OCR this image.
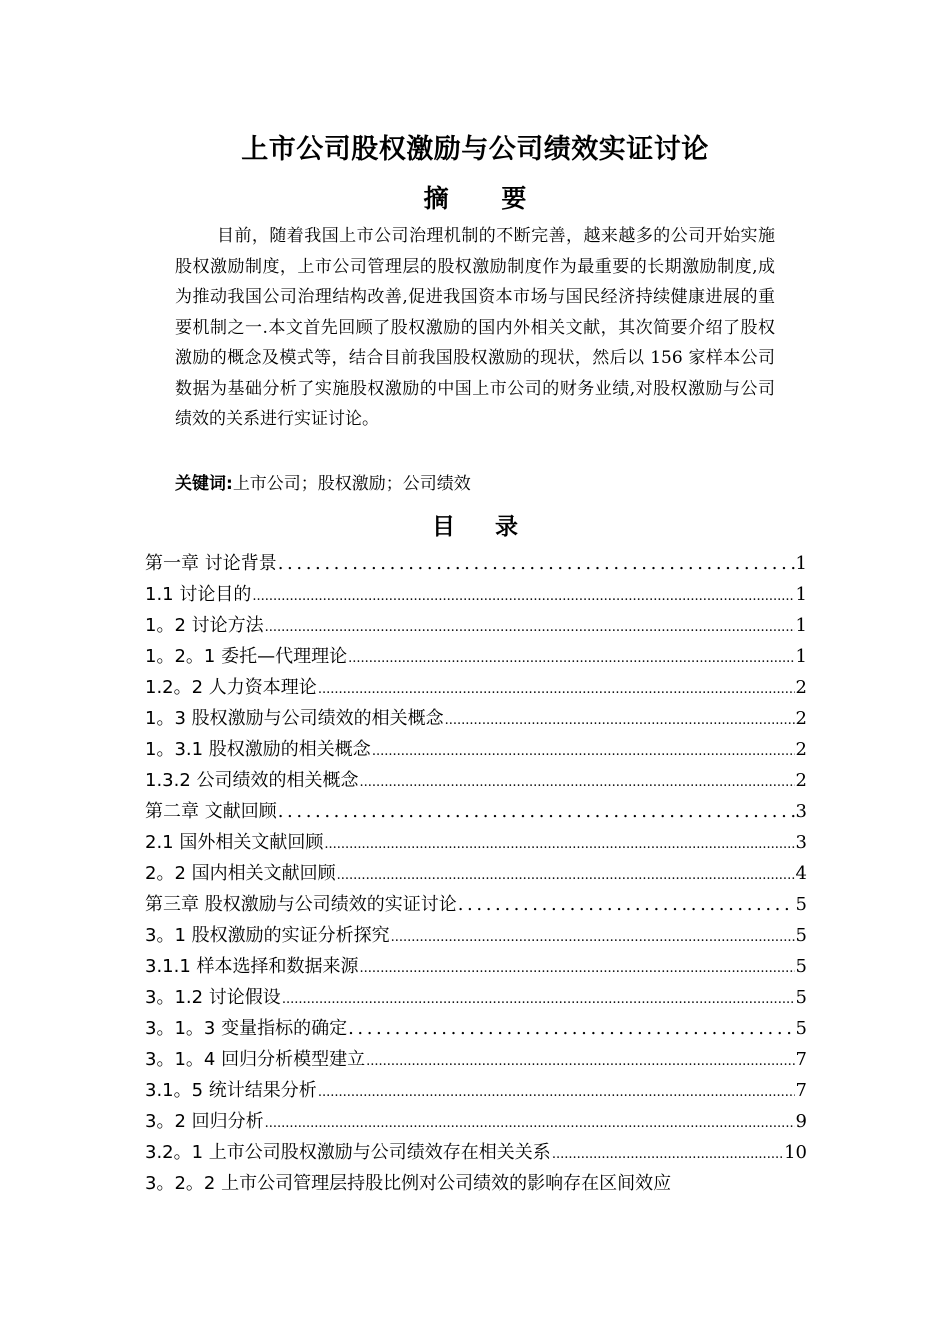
上市公司股权激励与公司绩效实证讨论
摘 要

目前，随着我国上市公司治理机制的不断完善，越来越多的公司开始实施股权激励制度，上市公司管理层的股权激励制度作为最重要的长期激励制度,成为推动我国公司治理结构改善,促进我国资本市场与国民经济持续健康进展的重要机制之一.本文首先回顾了股权激励的国内外相关文献，其次简要介绍了股权激励的概念及模式等，结合目前我国股权激励的现状，然后以 156 家样本公司数据为基础分析了实施股权激励的中国上市公司的财务业绩,对股权激励与公司绩效的关系进行实证讨论。

关键词:上市公司；股权激励；公司绩效
目 录
第一章 讨论背景 .....	1
1.1 讨论目的 .....	1
1。2 讨论方法 .....	1
1。2。1 委托—代理理论 .....	1
1.2。2 人力资本理论 .....	2
1。3 股权激励与公司绩效的相关概念 .....	2
1。3.1 股权激励的相关概念 .....	2
1.3.2 公司绩效的相关概念 .....	2
第二章 文献回顾 .....	3
2.1 国外相关文献回顾 .....	3
2。2 国内相关文献回顾 .....	4
第三章 股权激励与公司绩效的实证讨论 .....	5
3。1 股权激励的实证分析探究 .....	5
3.1.1 样本选择和数据来源 .....	5
3。1.2 讨论假设 .....	5
3。1。3 变量指标的确定 .....	5
3。1。4 回归分析模型建立 .....	7
3.1。5 统计结果分析 .....	7
3。2 回归分析 .....	9
3.2。1 上市公司股权激励与公司绩效存在相关关系 .....	10
3。2。2 上市公司管理层持股比例对公司绩效的影响存在区间效应
